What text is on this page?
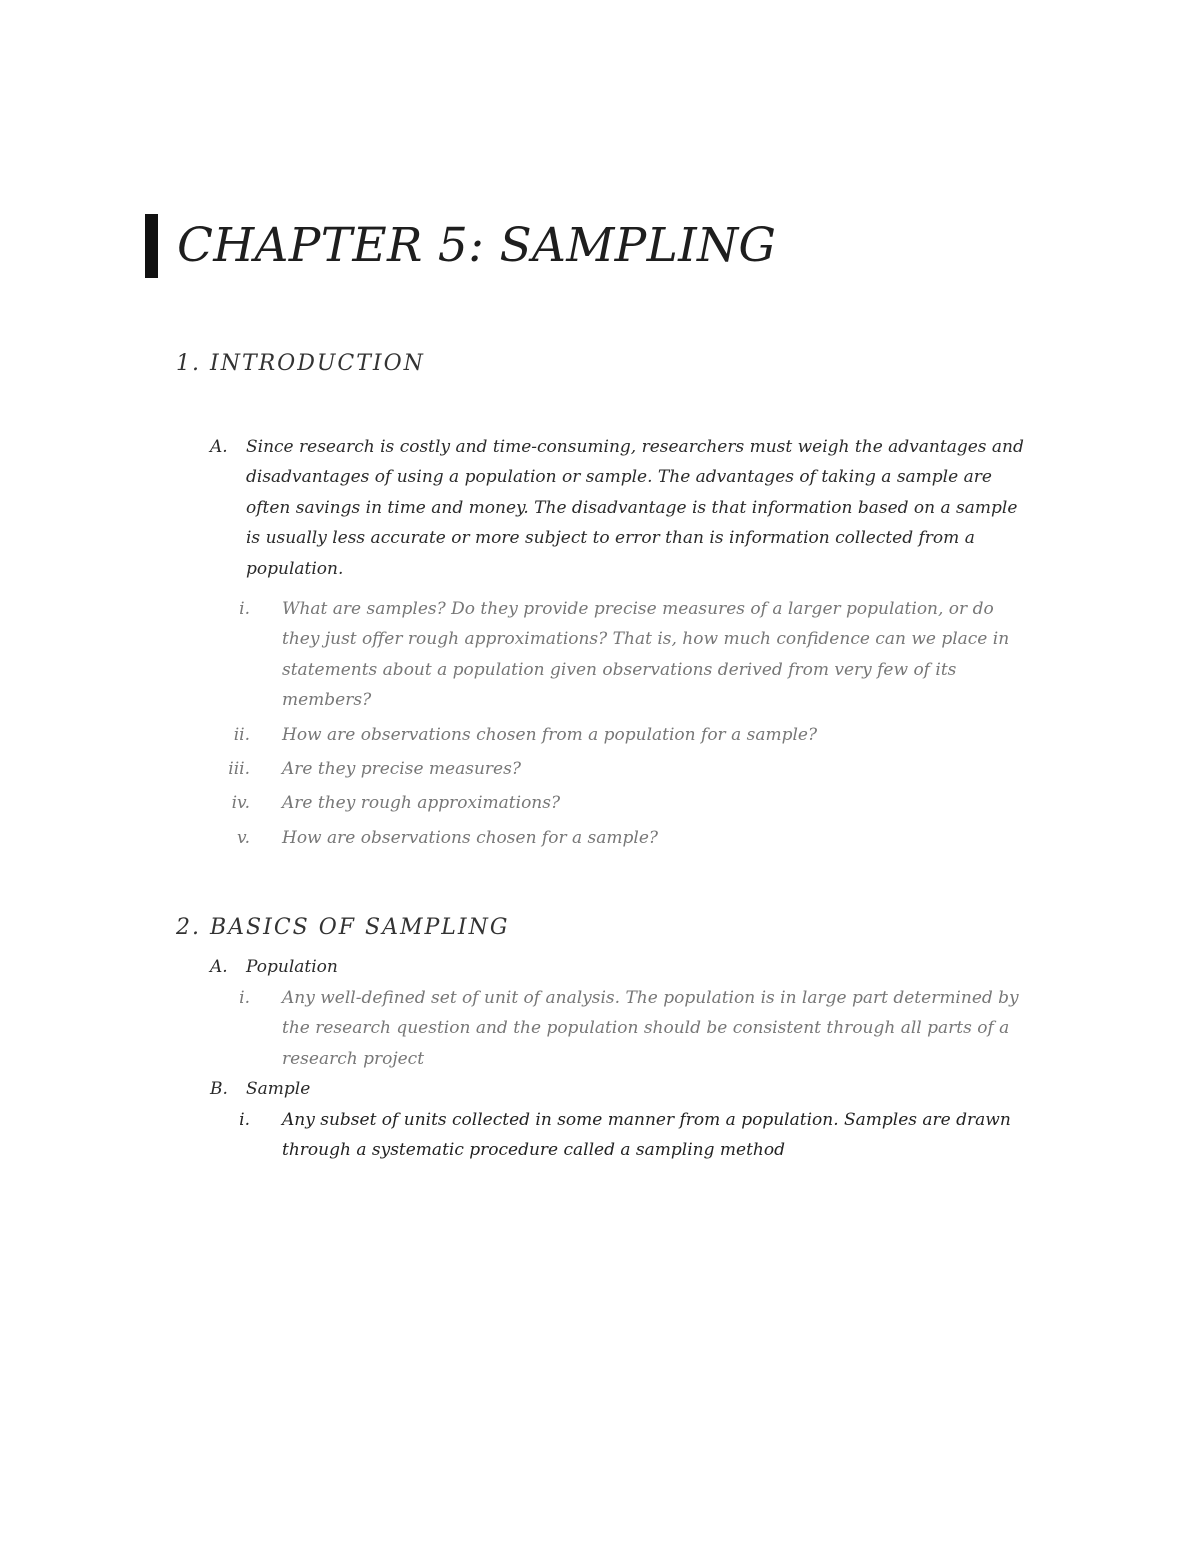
CHAPTER 5: SAMPLING
1. INTRODUCTION
A.	Since research is costly and time-consuming, researchers must weigh the advantages and disadvantages of using a population or sample. The advantages of taking a sample are often savings in time and money. The disadvantage is that information based on a sample is usually less accurate or more subject to error than is information collected from a population.
i. What are samples? Do they provide precise measures of a larger population, or do they just offer rough approximations? That is, how much confidence can we place in statements about a population given observations derived from very few of its members?
ii. How are observations chosen from a population for a sample?
iii. Are they precise measures?
iv. Are they rough approximations?
v. How are observations chosen for a sample?
2. BASICS OF SAMPLING
A.	Population
i. Any well-defined set of unit of analysis. The population is in large part determined by the research question and the population should be consistent through all parts of a research project
B.	Sample
i. Any subset of units collected in some manner from a population. Samples are drawn through a systematic procedure called a sampling method
